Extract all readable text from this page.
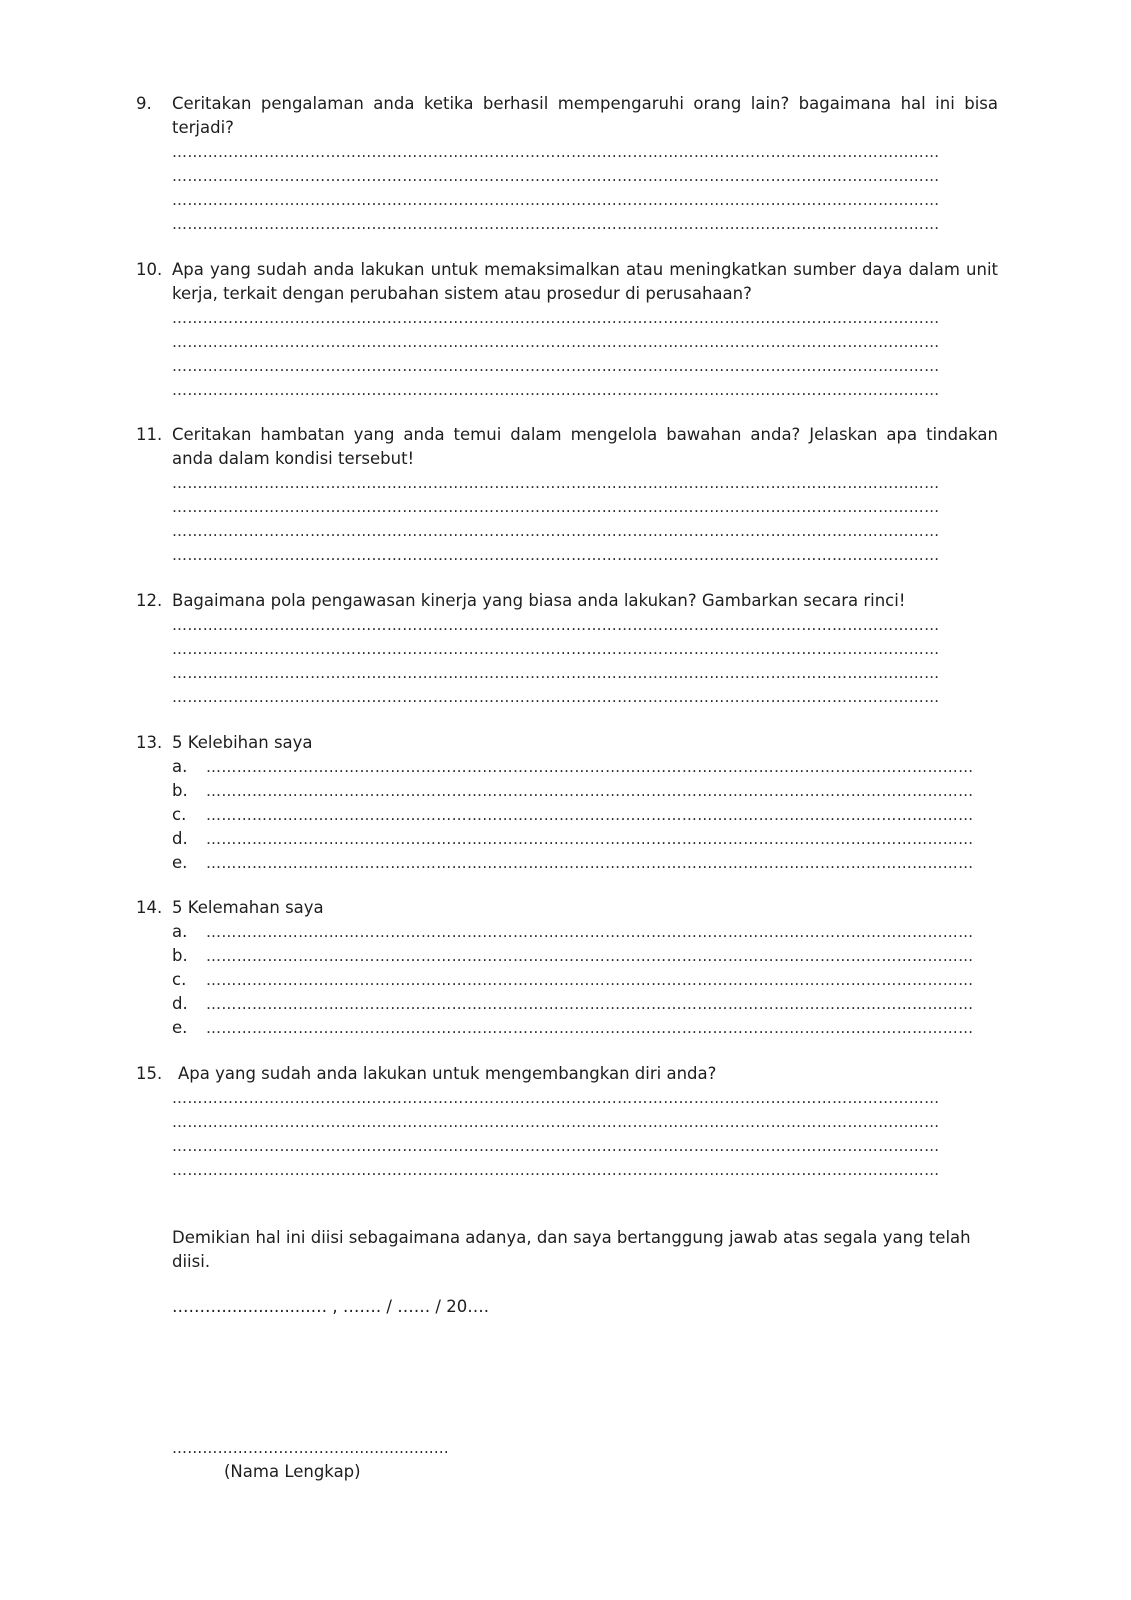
9. Ceritakan pengalaman anda ketika berhasil mempengaruhi orang lain? bagaimana hal ini bisa terjadi?
……………………………………………………………………………………………………………………………………
……………………………………………………………………………………………………………………………………
……………………………………………………………………………………………………………………………………
……………………………………………………………………………………………………………………………………
10. Apa yang sudah anda lakukan untuk memaksimalkan atau meningkatkan sumber daya dalam unit kerja, terkait dengan perubahan sistem atau prosedur di perusahaan?
……………………………………………………………………………………………………………………………………
……………………………………………………………………………………………………………………………………
……………………………………………………………………………………………………………………………………
……………………………………………………………………………………………………………………………………
11. Ceritakan hambatan yang anda temui dalam mengelola bawahan anda? Jelaskan apa tindakan anda dalam kondisi tersebut!
……………………………………………………………………………………………………………………………………
……………………………………………………………………………………………………………………………………
……………………………………………………………………………………………………………………………………
……………………………………………………………………………………………………………………………………
12. Bagaimana pola pengawasan kinerja yang biasa anda lakukan? Gambarkan secara rinci!
……………………………………………………………………………………………………………………………………
……………………………………………………………………………………………………………………………………
……………………………………………………………………………………………………………………………………
……………………………………………………………………………………………………………………………………
13. 5 Kelebihan saya
a. ……………………………………………………………………………………………………………………………………
b. ……………………………………………………………………………………………………………………………………
c. ……………………………………………………………………………………………………………………………………
d. ……………………………………………………………………………………………………………………………………
e. ……………………………………………………………………………………………………………………………………
14. 5 Kelemahan saya
a. ……………………………………………………………………………………………………………………………………
b. ……………………………………………………………………………………………………………………………………
c. ……………………………………………………………………………………………………………………………………
d. ……………………………………………………………………………………………………………………………………
e. ……………………………………………………………………………………………………………………………………
15. Apa yang sudah anda lakukan untuk mengembangkan diri anda?
……………………………………………………………………………………………………………………………………
……………………………………………………………………………………………………………………………………
……………………………………………………………………………………………………………………………………
……………………………………………………………………………………………………………………………………
Demikian hal ini diisi sebagaimana adanya, dan saya bertanggung jawab atas segala yang telah diisi.
……….................… , ……. / …… / 20….
………………………………...................
(Nama Lengkap)
